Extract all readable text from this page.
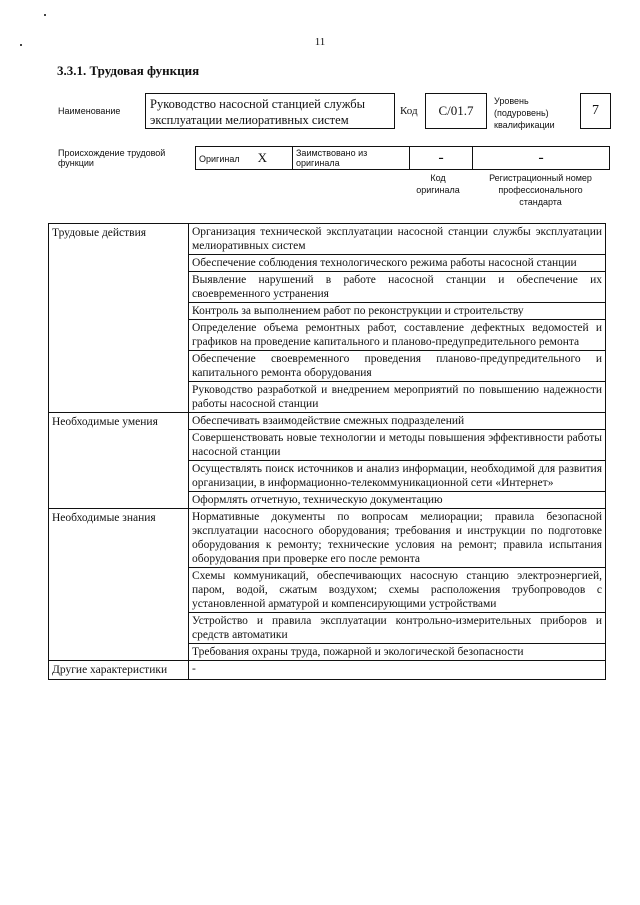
11
3.3.1. Трудовая функция
Наименование	Руководство насосной станцией службы эксплуатации мелиоративных систем
Код	C/01.7
Уровень (подуровень) квалификации
7
Происхождение трудовой функции	Оригинал X	Заимствовано из оригинала	-	-
Код оригинала
Регистрационный номер профессионального стандарта
Трудовые действия	Организация технической эксплуатации насосной станции службы эксплуатации мелиоративных систем
	Обеспечение соблюдения технологического режима работы насосной станции
	Выявление нарушений в работе насосной станции и обеспечение их своевременного устранения
	Контроль за выполнением работ по реконструкции и строительству
	Определение объема ремонтных работ, составление дефектных ведомостей и графиков на проведение капитального и планово-предупредительного ремонта
	Обеспечение своевременного проведения планово-предупредительного и капитального ремонта оборудования
	Руководство разработкой и внедрением мероприятий по повышению надежности работы насосной станции
Необходимые умения	Обеспечивать взаимодействие смежных подразделений
	Совершенствовать новые технологии и методы повышения эффективности работы насосной станции
	Осуществлять поиск источников и анализ информации, необходимой для развития организации, в информационно-телекоммуникационной сети «Интернет»
	Оформлять отчетную, техническую документацию
Необходимые знания	Нормативные документы по вопросам мелиорации; правила безопасной эксплуатации насосного оборудования; требования и инструкции по подготовке оборудования к ремонту; технические условия на ремонт; правила испытания оборудования при проверке его после ремонта
	Схемы коммуникаций, обеспечивающих насосную станцию электроэнергией, паром, водой, сжатым воздухом; схемы расположения трубопроводов с установленной арматурой и компенсирующими устройствами
	Устройство и правила эксплуатации контрольно-измерительных приборов и средств автоматики
	Требования охраны труда, пожарной и экологической безопасности
Другие характеристики	-
